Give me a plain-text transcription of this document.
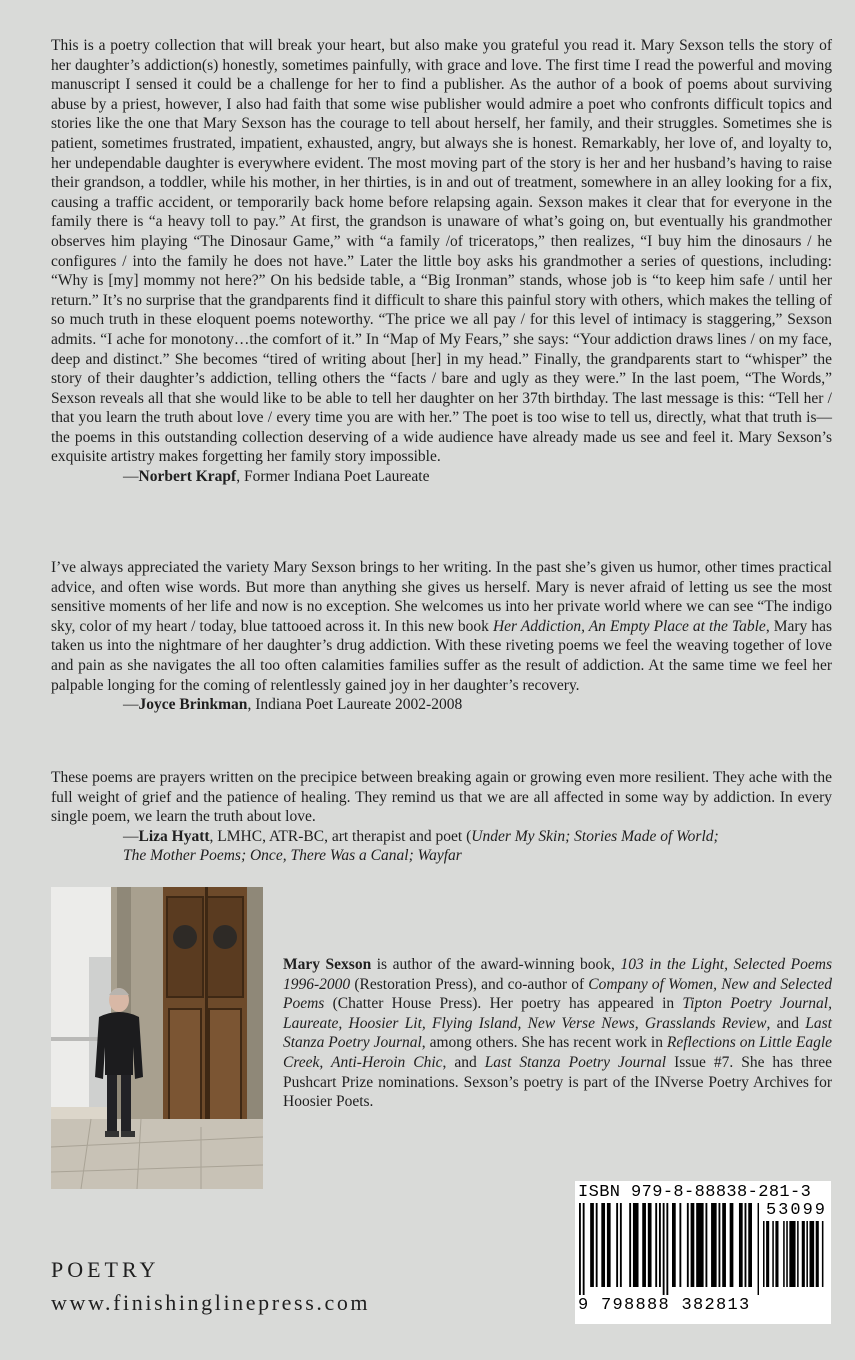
This is a poetry collection that will break your heart, but also make you grateful you read it. Mary Sexson tells the story of her daughter’s addiction(s) honestly, sometimes painfully, with grace and love. The first time I read the powerful and moving manuscript I sensed it could be a challenge for her to find a publisher. As the author of a book of poems about surviving abuse by a priest, however, I also had faith that some wise publisher would admire a poet who confronts difficult topics and stories like the one that Mary Sexson has the courage to tell about herself, her family, and their struggles. Sometimes she is patient, sometimes frustrated, impatient, exhausted, angry, but always she is honest. Remarkably, her love of, and loyalty to, her undependable daughter is everywhere evident. The most moving part of the story is her and her husband’s having to raise their grandson, a toddler, while his mother, in her thirties, is in and out of treatment, somewhere in an alley looking for a fix, causing a traffic accident, or temporarily back home before relapsing again. Sexson makes it clear that for everyone in the family there is “a heavy toll to pay.” At first, the grandson is unaware of what’s going on, but eventually his grandmother observes him playing “The Dinosaur Game,” with “a family /of triceratops,” then realizes, “I buy him the dinosaurs / he configures / into the family he does not have.” Later the little boy asks his grandmother a series of questions, including: “Why is [my] mommy not here?” On his bedside table, a “Big Ironman” stands, whose job is “to keep him safe / until her return.” It’s no surprise that the grandparents find it difficult to share this painful story with others, which makes the telling of so much truth in these eloquent poems noteworthy. “The price we all pay / for this level of intimacy is staggering,” Sexson admits. “I ache for monotony…the comfort of it.” In “Map of My Fears,” she says: “Your addiction draws lines / on my face, deep and distinct.” She becomes “tired of writing about [her] in my head.” Finally, the grandparents start to “whisper” the story of their daughter’s addiction, telling others the “facts / bare and ugly as they were.” In the last poem, “The Words,” Sexson reveals all that she would like to be able to tell her daughter on her 37th birthday. The last message is this: “Tell her / that you learn the truth about love / every time you are with her.” The poet is too wise to tell us, directly, what that truth is—the poems in this outstanding collection deserving of a wide audience have already made us see and feel it. Mary Sexson’s exquisite artistry makes forgetting her family story impossible.

—Norbert Krapf, Former Indiana Poet Laureate

I’ve always appreciated the variety Mary Sexson brings to her writing. In the past she’s given us humor, other times practical advice, and often wise words. But more than anything she gives us herself. Mary is never afraid of letting us see the most sensitive moments of her life and now is no exception. She welcomes us into her private world where we can see “The indigo sky, color of my heart / today, blue tattooed across it. In this new book Her Addiction, An Empty Place at the Table, Mary has taken us into the nightmare of her daughter’s drug addiction. With these riveting poems we feel the weaving together of love and pain as she navigates the all too often calamities families suffer as the result of addiction. At the same time we feel her palpable longing for the coming of relentlessly gained joy in her daughter’s recovery.

—Joyce Brinkman, Indiana Poet Laureate 2002-2008

These poems are prayers written on the precipice between breaking again or growing even more resilient. They ache with the full weight of grief and the patience of healing. They remind us that we are all affected in some way by addiction. In every single poem, we learn the truth about love.

—Liza Hyatt, LMHC, ATR-BC, art therapist and poet (Under My Skin; Stories Made of World;
The Mother Poems; Once, There Was a Canal; Wayfar

Mary Sexson is author of the award-winning book, 103 in the Light, Selected Poems 1996-2000 (Restoration Press), and co-author of Company of Women, New and Selected Poems (Chatter House Press). Her poetry has appeared in Tipton Poetry Journal, Laureate, Hoosier Lit, Flying Island, New Verse News, Grasslands Review, and Last Stanza Poetry Journal, among others. She has recent work in Reflections on Little Eagle Creek, Anti-Heroin Chic, and Last Stanza Poetry Journal Issue #7. She has three Pushcart Prize nominations. Sexson’s poetry is part of the INverse Poetry Archives for Hoosier Poets.

POETRY
www.finishinglinepress.com
ISBN 979-8-88838-281-3
53099
9 798888 382813
